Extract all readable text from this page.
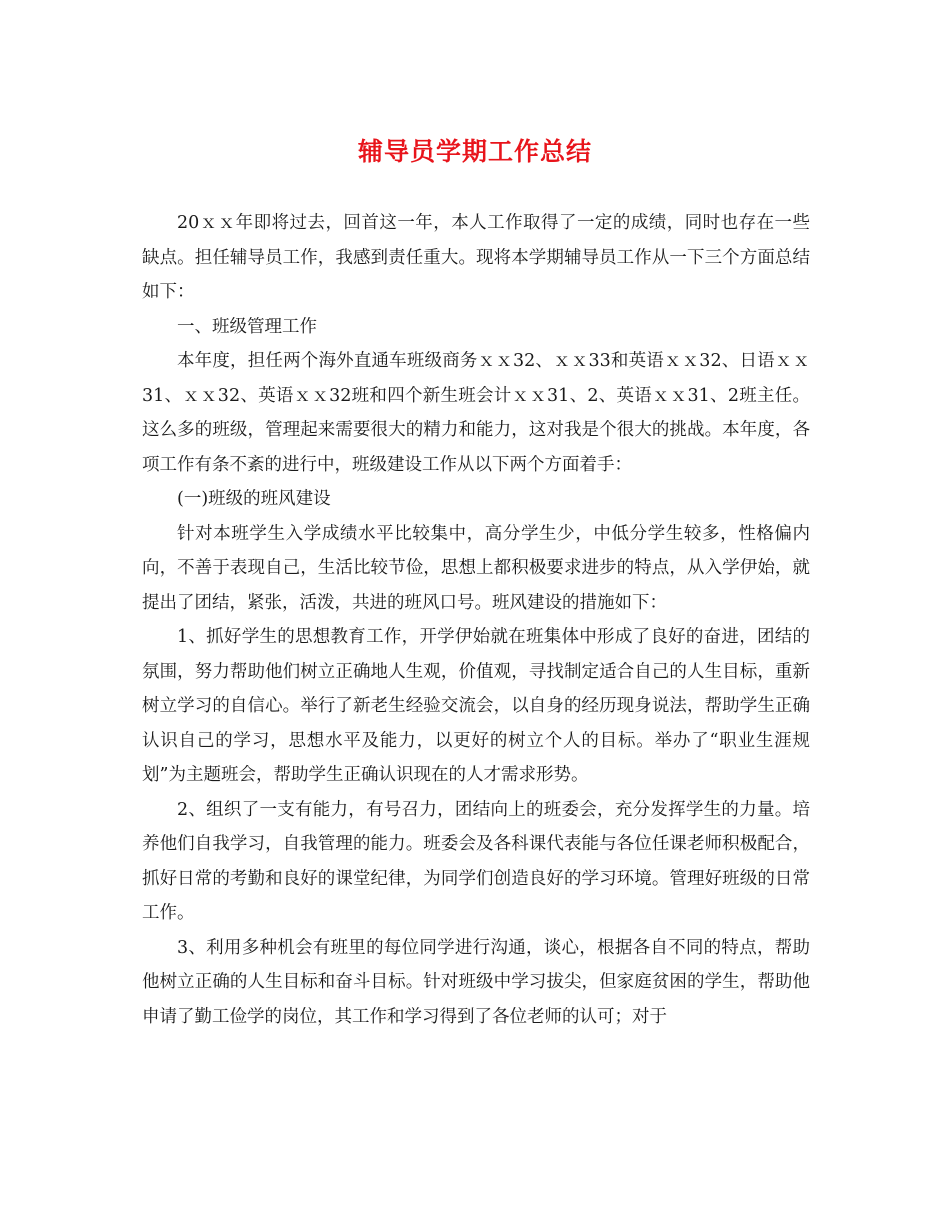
辅导员学期工作总结

20ｘｘ年即将过去，回首这一年，本人工作取得了一定的成绩，同时也存在一些缺点。担任辅导员工作，我感到责任重大。现将本学期辅导员工作从一下三个方面总结如下：

一、班级管理工作

本年度，担任两个海外直通车班级商务ｘｘ32、ｘｘ33和英语ｘｘ32、日语ｘｘ31、ｘｘ32、英语ｘｘ32班和四个新生班会计ｘｘ31、2、英语ｘｘ31、2班主任。这么多的班级，管理起来需要很大的精力和能力，这对我是个很大的挑战。本年度，各项工作有条不紊的进行中，班级建设工作从以下两个方面着手：

(一)班级的班风建设

针对本班学生入学成绩水平比较集中，高分学生少，中低分学生较多，性格偏内向，不善于表现自己，生活比较节俭，思想上都积极要求进步的特点，从入学伊始，就提出了团结，紧张，活泼，共进的班风口号。班风建设的措施如下：

1、抓好学生的思想教育工作，开学伊始就在班集体中形成了良好的奋进，团结的氛围，努力帮助他们树立正确地人生观，价值观，寻找制定适合自己的人生目标，重新树立学习的自信心。举行了新老生经验交流会，以自身的经历现身说法，帮助学生正确认识自己的学习，思想水平及能力，以更好的树立个人的目标。举办了“职业生涯规划”为主题班会，帮助学生正确认识现在的人才需求形势。

2、组织了一支有能力，有号召力，团结向上的班委会，充分发挥学生的力量。培养他们自我学习，自我管理的能力。班委会及各科课代表能与各位任课老师积极配合，抓好日常的考勤和良好的课堂纪律，为同学们创造良好的学习环境。管理好班级的日常工作。

3、利用多种机会有班里的每位同学进行沟通，谈心，根据各自不同的特点，帮助他树立正确的人生目标和奋斗目标。针对班级中学习拔尖，但家庭贫困的学生，帮助他申请了勤工俭学的岗位，其工作和学习得到了各位老师的认可；对于
